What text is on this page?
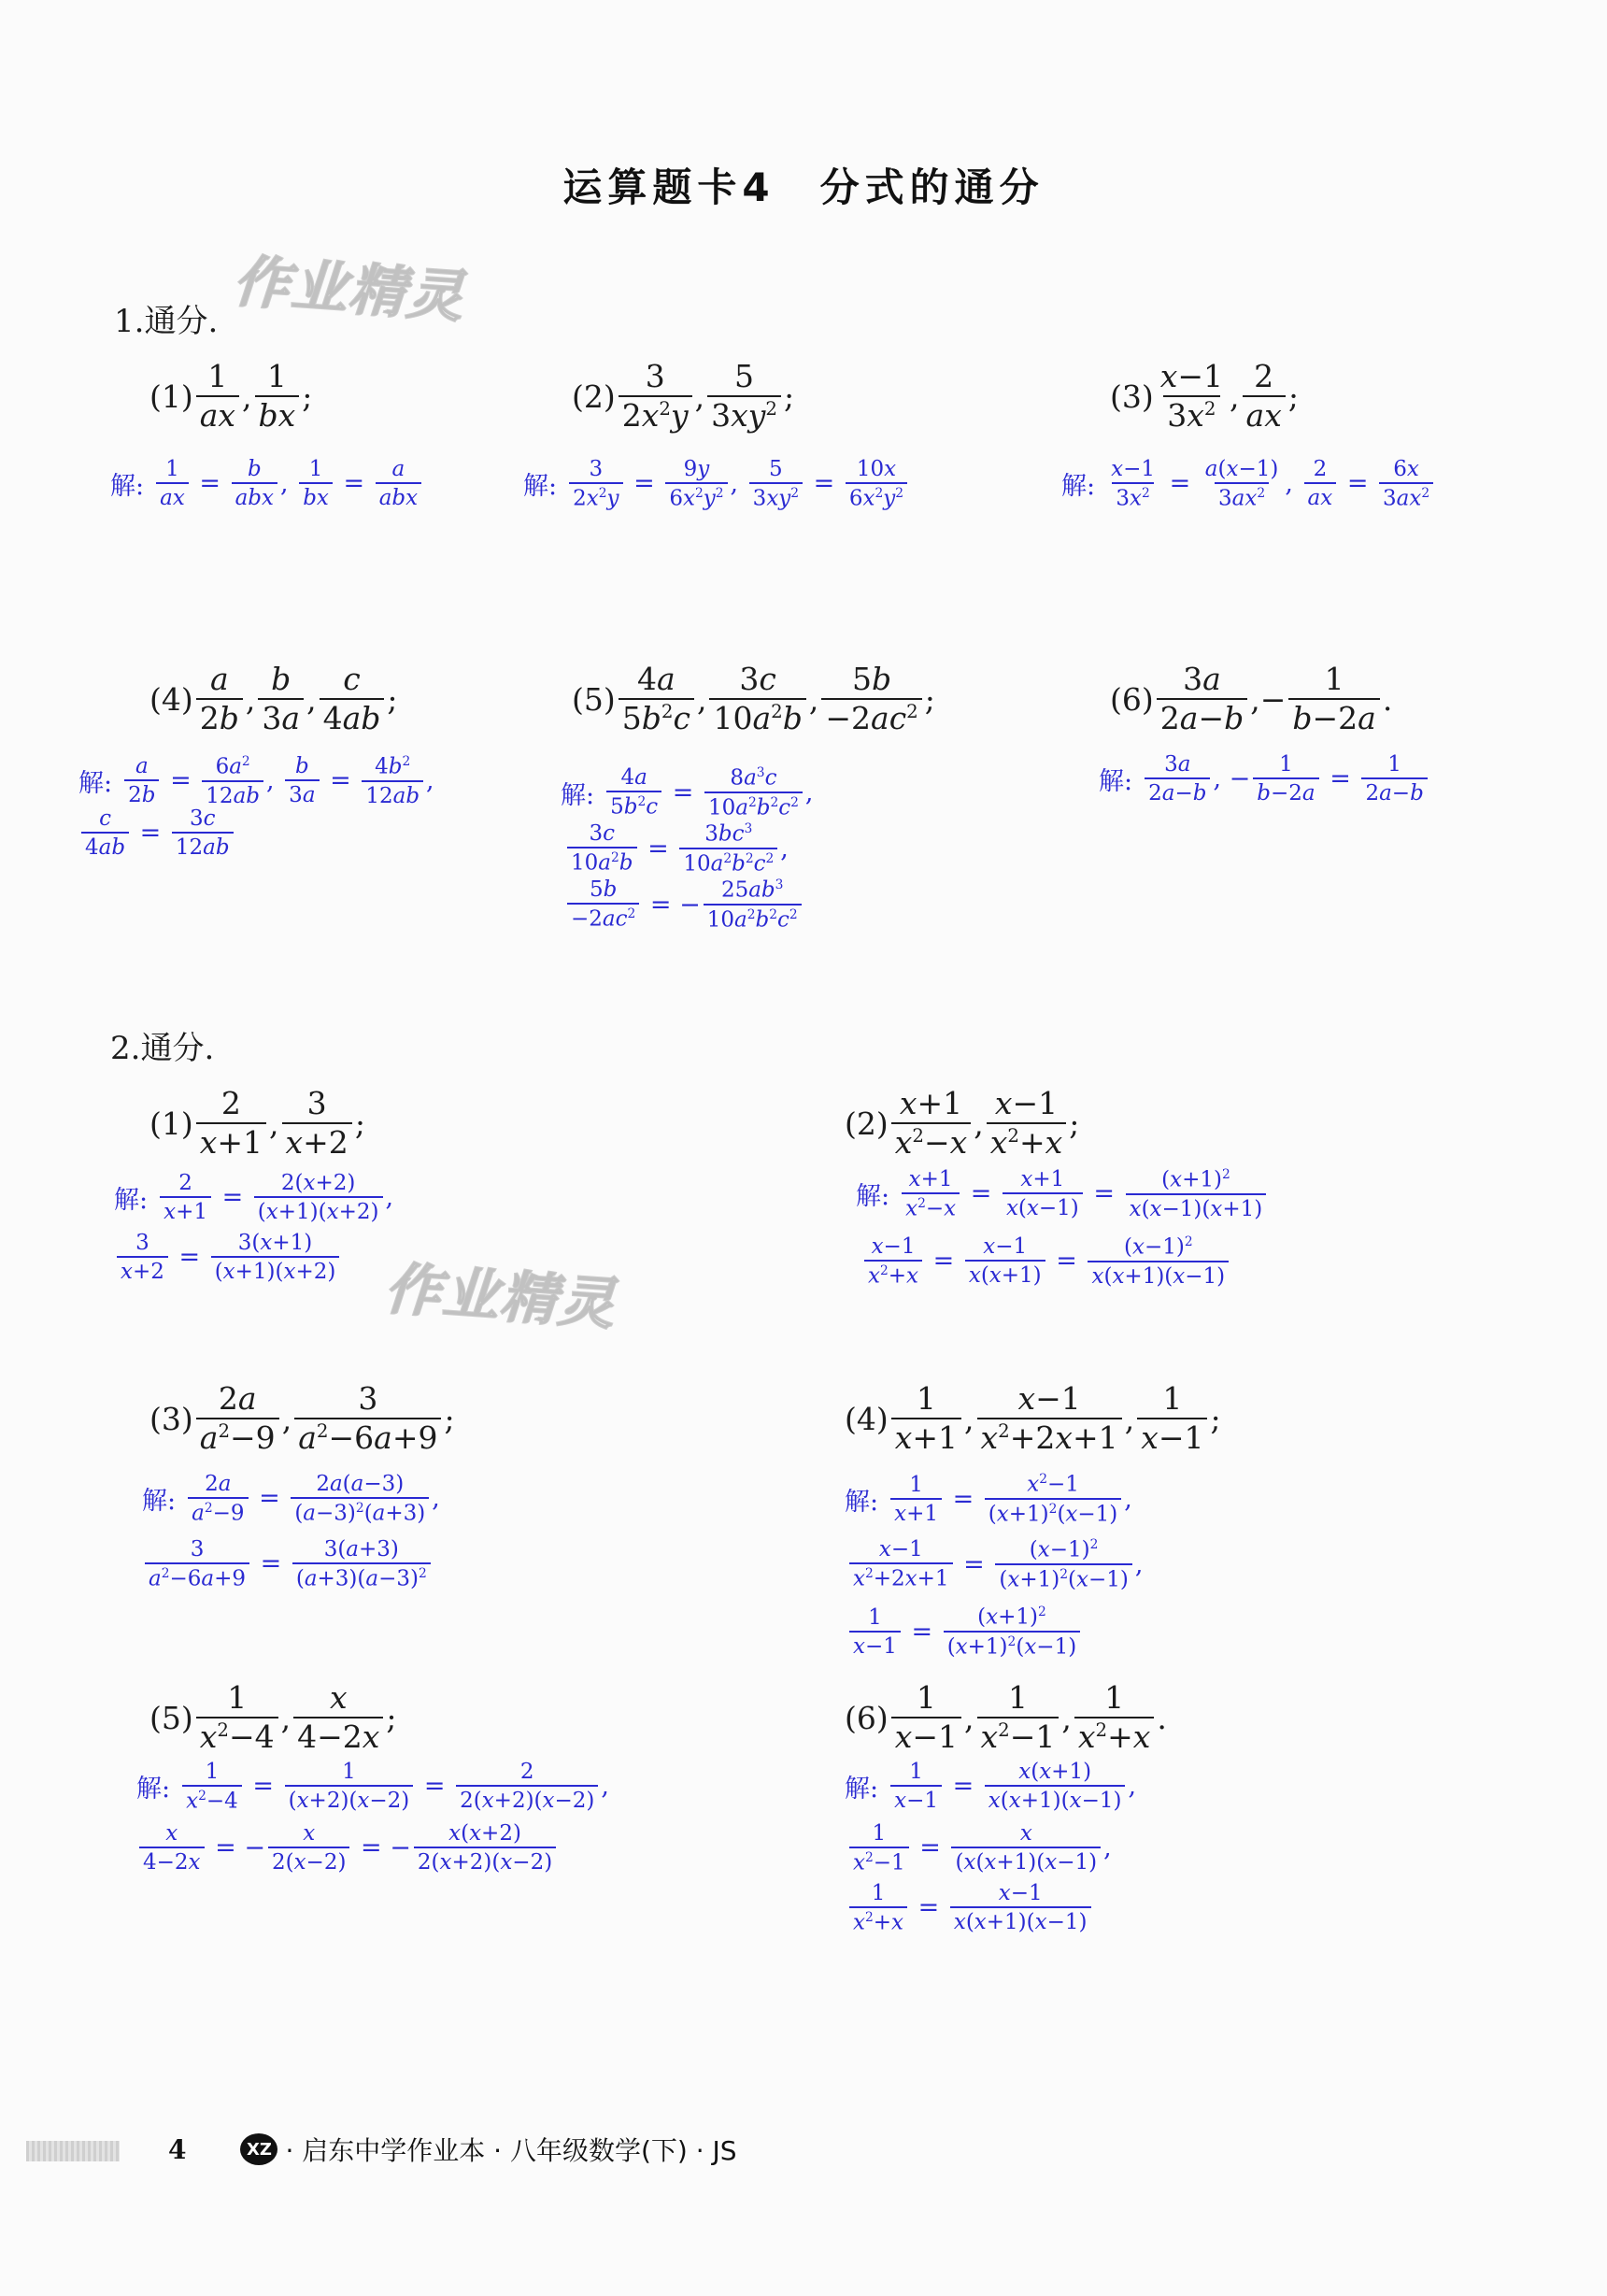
运算题卡4　分式的通分
作业精灵
作业精灵
1.通分.
$(1) \frac{1}{ax}$ , $\frac{1}{bx}$ ;
解: $\frac{1}{ax} = \frac{b}{\text{abx}}$ , $\frac{1}{bx} = \frac{a}{\text{abx}}$
$(2) \frac{3}{2x^2y}$ , $\frac{5}{3xy^2}$ ;
解: $\frac{3}{2x^2y} = \frac{9y}{6x^2y^2}$ , $\frac{5}{3xy^2} = \frac{10x}{6x^2y^2}$
$(3) \frac{x-1}{3x^2}$ , $\frac{2}{ax}$ ;
解: $\frac{x-1}{3x^2} = \frac{a(x-1)}{3ax^2}$ , $\frac{2}{ax} = \frac{6x}{3ax^2}$
$(4) \frac{a}{2b}$ , $\frac{b}{3a}$ , $\frac{c}{4ab}$ ;
解: $\frac{a}{2b} = \frac{6a^2}{12ab}$ , $\frac{b}{3a} = \frac{4b^2}{12ab}$ ,
$\frac{c}{4ab} = \frac{3c}{12ab}$
$(5) \frac{4a}{5b^2c}$ , $\frac{3c}{10a^2b}$ , $\frac{5b}{-2ac^2}$ ;
解: $\frac{4a}{5b^2c} = \frac{8a^3c}{10a^2b^2c^2}$ ,
$\frac{3c}{10a^2b} = \frac{3bc^3}{10a^2b^2c^2}$ ,
$\frac{5b}{-2ac^2}$ = − $\frac{25ab^3}{10a^2b^2c^2}$
$(6) \frac{3a}{2a-b}$ ,− $\frac{1}{b-2a}$ .
解: $\frac{3a}{2a-b}$ , − $\frac{1}{b-2a} = \frac{1}{2a-b}$
2.通分.
$(1) \frac{2}{x+1}$ , $\frac{3}{x+2}$ ;
解: $\frac{2}{x+1} = \frac{2(x+2)}{(x+1)(x+2)}$ ,
$\frac{3}{x+2} = \frac{3(x+1)}{(x+1)(x+2)}$
$(2) \frac{x+1}{x^2-x}$ , $\frac{x-1}{x^2+x}$ ;
解: $\frac{x+1}{x^2-x} = \frac{x+1}{x(x-1)} = \frac{(x+1)^2}{x(x-1)(x+1)}$
$\frac{x-1}{x^2+x} = \frac{x-1}{x(x+1)} = \frac{(x-1)^2}{x(x+1)(x-1)}$
$(3) \frac{2a}{a^2-9}$ , $\frac{3}{a^2-6a+9}$ ;
解: $\frac{2a}{a^2-9} = \frac{2a(a-3)}{(a-3)^2(a+3)}$ ,
$\frac{3}{a^2-6a+9} = \frac{3(a+3)}{(a+3)(a-3)^2}$
$(4) \frac{1}{x+1}$ , $\frac{x-1}{x^2+2x+1}$ , $\frac{1}{x-1}$ ;
解: $\frac{1}{x+1} = \frac{x^2-1}{(x+1)^2(x-1)}$ ,
$\frac{x-1}{x^2+2x+1} = \frac{(x-1)^2}{(x+1)^2(x-1)}$ ,
$\frac{1}{x-1} = \frac{(x+1)^2}{(x+1)^2(x-1)}$
$(5) \frac{1}{x^2-4}$ , $\frac{x}{4-2x}$ ;
解: $\frac{1}{x^2-4} = \frac{1}{(x+2)(x-2)} = \frac{2}{2(x+2)(x-2)}$ ,
$\frac{x}{4-2x}$ = − $\frac{x}{2(x-2)}$ = − $\frac{x(x+2)}{2(x+2)(x-2)}$
$(6) \frac{1}{x-1}$ , $\frac{1}{x^2-1}$ , $\frac{1}{x^2+x}$ .
解: $\frac{1}{x-1} = \frac{x(x+1)}{x(x+1)(x-1)}$ ,
$\frac{1}{x^2-1} = \frac{x}{(x(x+1)(x-1)}$ ,
$\frac{1}{x^2+x} = \frac{x-1}{x(x+1)(x-1)}$
4	XZ · 启东中学作业本 · 八年级数学(下) · JS
